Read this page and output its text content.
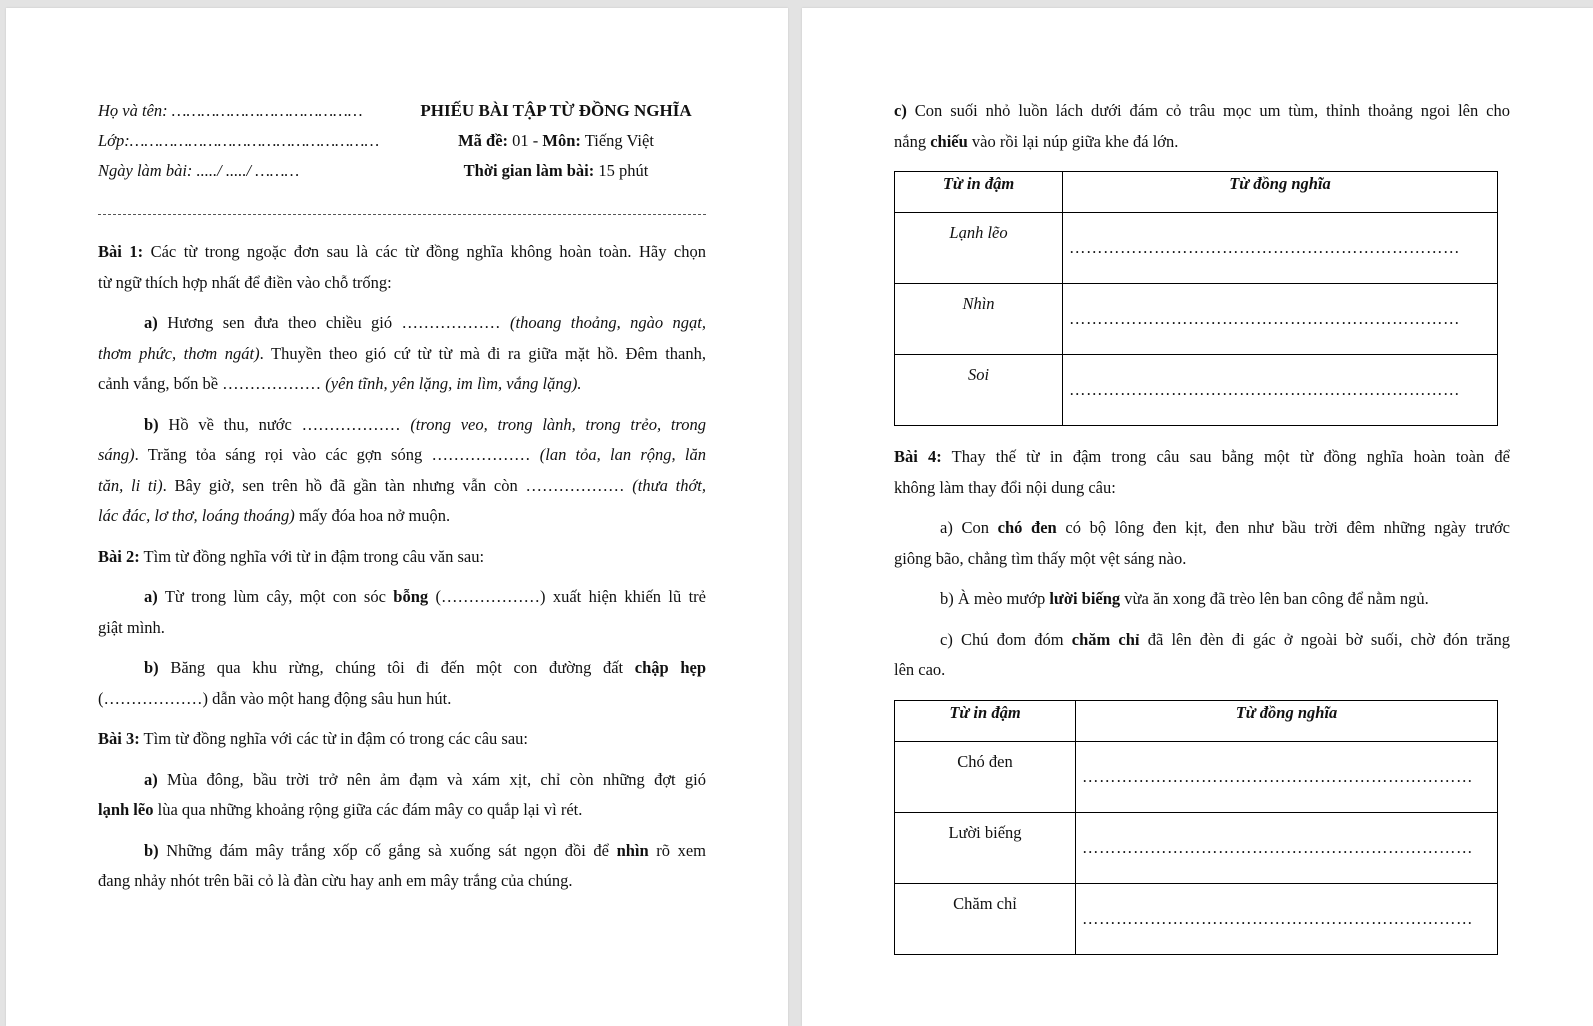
Họ và tên: …………………………………	PHIẾU BÀI TẬP TỪ ĐỒNG NGHĨA
Lớp:……………………………………………	Mã đề: 01 - Môn: Tiếng Việt
Ngày làm bài: ...../ ...../ ………	Thời gian làm bài: 15 phút
Bài 1: Các từ trong ngoặc đơn sau là các từ đồng nghĩa không hoàn toàn. Hãy chọn
từ ngữ thích hợp nhất để điền vào chỗ trống:
a) Hương sen đưa theo chiều gió ……………… (thoang thoảng, ngào ngạt,
thơm phức, thơm ngát). Thuyền theo gió cứ từ từ mà đi ra giữa mặt hồ. Đêm thanh,
cảnh vắng, bốn bề ……………… (yên tĩnh, yên lặng, im lìm, vắng lặng).
b) Hồ về thu, nước ……………… (trong veo, trong lành, trong trẻo, trong
sáng). Trăng tỏa sáng rọi vào các gợn sóng ……………… (lan tỏa, lan rộng, lăn
tăn, li ti). Bây giờ, sen trên hồ đã gần tàn nhưng vẫn còn ……………… (thưa thớt,
lác đác, lơ thơ, loáng thoáng) mấy đóa hoa nở muộn.
Bài 2: Tìm từ đồng nghĩa với từ in đậm trong câu văn sau:
a) Từ trong lùm cây, một con sóc bỗng (………………) xuất hiện khiến lũ trẻ
giật mình.
b) Băng qua khu rừng, chúng tôi đi đến một con đường đất chập hẹp
(………………) dẫn vào một hang động sâu hun hút.
Bài 3: Tìm từ đồng nghĩa với các từ in đậm có trong các câu sau:
a) Mùa đông, bầu trời trở nên ảm đạm và xám xịt, chỉ còn những đợt gió
lạnh lẽo lùa qua những khoảng rộng giữa các đám mây co quắp lại vì rét.
b) Những đám mây trắng xốp cố gắng sà xuống sát ngọn đồi để nhìn rõ xem
đang nhảy nhót trên bãi cỏ là đàn cừu hay anh em mây trắng của chúng.
c) Con suối nhỏ luồn lách dưới đám cỏ trâu mọc um tùm, thỉnh thoảng ngoi lên cho
nắng chiếu vào rồi lại núp giữa khe đá lớn.
Từ in đậm	Từ đồng nghĩa
Lạnh lẽo	……………………………………………………………
Nhìn	……………………………………………………………
Soi	……………………………………………………………
Bài 4: Thay thế từ in đậm trong câu sau bằng một từ đồng nghĩa hoàn toàn để
không làm thay đổi nội dung câu:
a) Con chó đen có bộ lông đen kịt, đen như bầu trời đêm những ngày trước
giông bão, chẳng tìm thấy một vệt sáng nào.
b) À mèo mướp lười biếng vừa ăn xong đã trèo lên ban công để nằm ngủ.
c) Chú đom đóm chăm chỉ đã lên đèn đi gác ở ngoài bờ suối, chờ đón trăng
lên cao.
Từ in đậm	Từ đồng nghĩa
Chó đen	……………………………………………………………
Lười biếng	……………………………………………………………
Chăm chỉ	……………………………………………………………
